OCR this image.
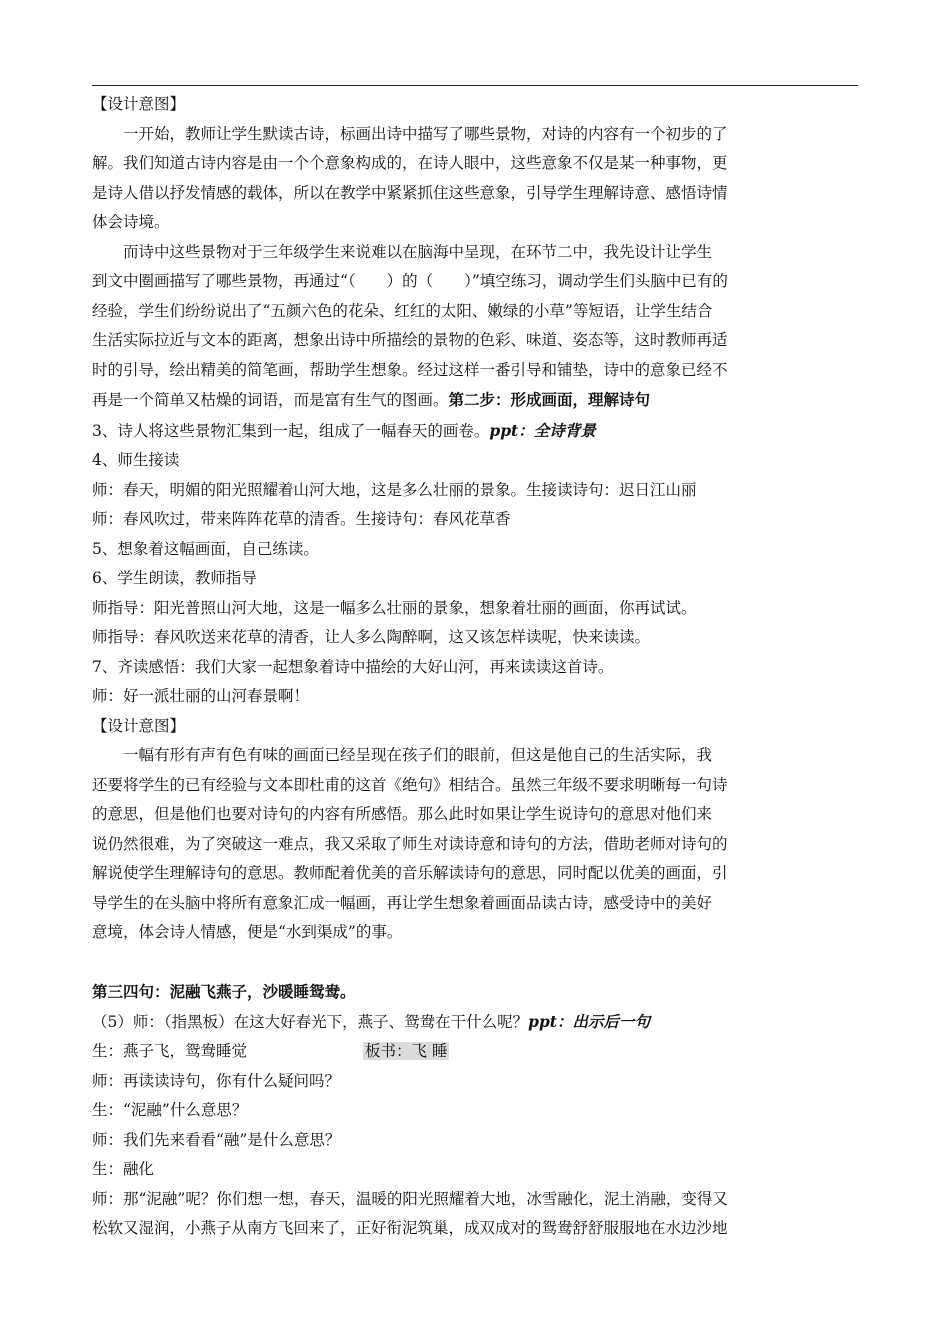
【设计意图】

一开始，教师让学生默读古诗，标画出诗中描写了哪些景物，对诗的内容有一个初步的了

解。我们知道古诗内容是由一个个意象构成的，在诗人眼中，这些意象不仅是某一种事物，更

是诗人借以抒发情感的载体，所以在教学中紧紧抓住这些意象，引导学生理解诗意、感悟诗情

体会诗境。

而诗中这些景物对于三年级学生来说难以在脑海中呈现，在环节二中，我先设计让学生

到文中圈画描写了哪些景物，再通过“（　　）的（　　）”填空练习，调动学生们头脑中已有的

经验，学生们纷纷说出了“五颜六色的花朵、红红的太阳、嫩绿的小草”等短语，让学生结合

生活实际拉近与文本的距离，想象出诗中所描绘的景物的色彩、味道、姿态等，这时教师再适

时的引导，绘出精美的简笔画，帮助学生想象。经过这样一番引导和铺垫，诗中的意象已经不

再是一个简单又枯燥的词语，而是富有生气的图画。第二步：形成画面，理解诗句

3、诗人将这些景物汇集到一起，组成了一幅春天的画卷。ppt：全诗背景

4、师生接读

师：春天，明媚的阳光照耀着山河大地，这是多么壮丽的景象。生接读诗句：迟日江山丽

师：春风吹过，带来阵阵花草的清香。生接诗句：春风花草香

5、想象着这幅画面，自己练读。

6、学生朗读，教师指导

师指导：阳光普照山河大地，这是一幅多么壮丽的景象，想象着壮丽的画面，你再试试。

师指导：春风吹送来花草的清香，让人多么陶醉啊，这又该怎样读呢，快来读读。

7、齐读感悟：我们大家一起想象着诗中描绘的大好山河，再来读读这首诗。

师：好一派壮丽的山河春景啊！

【设计意图】

一幅有形有声有色有味的画面已经呈现在孩子们的眼前，但这是他自己的生活实际，我

还要将学生的已有经验与文本即杜甫的这首《绝句》相结合。虽然三年级不要求明晰每一句诗

的意思，但是他们也要对诗句的内容有所感悟。那么此时如果让学生说诗句的意思对他们来

说仍然很难，为了突破这一难点，我又采取了师生对读诗意和诗句的方法，借助老师对诗句的

解说使学生理解诗句的意思。教师配着优美的音乐解读诗句的意思，同时配以优美的画面，引

导学生的在头脑中将所有意象汇成一幅画，再让学生想象着画面品读古诗，感受诗中的美好

意境，体会诗人情感，便是“水到渠成”的事。

第三四句：泥融飞燕子，沙暖睡鸳鸯。

（5）师：（指黑板）在这大好春光下，燕子、鸳鸯在干什么呢？ppt：出示后一句

生：燕子飞，鸳鸯睡觉	板书：飞 睡

师：再读读诗句，你有什么疑问吗？

生：“泥融”什么意思？

师：我们先来看看“融”是什么意思？

生：融化

师：那“泥融”呢？你们想一想，春天，温暖的阳光照耀着大地，冰雪融化，泥土消融，变得又

松软又湿润，小燕子从南方飞回来了，正好衔泥筑巢，成双成对的鸳鸯舒舒服服地在水边沙地
